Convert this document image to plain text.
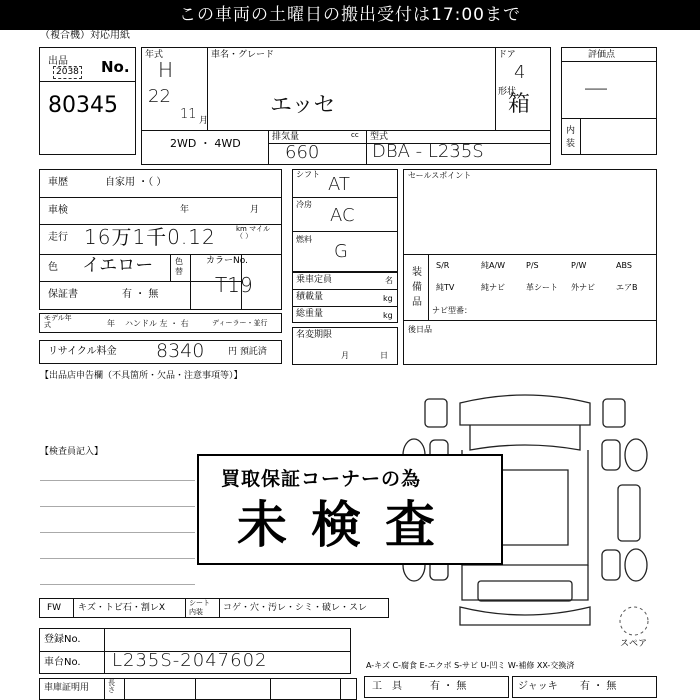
この車両の土曜日の搬出受付は17:00まで
（複合機）対応用紙
出品
2038 No.
80345
年式
H
22
11 月
車名・グレード
エッセ
ドア
4
形状
箱
2WD ・ 4WD	排気量	cc
660
型式
DBA - L235S
評価点
―
内装
車歴	自家用 ・（ ）
車検	年	月
走行 16万1千0.12	km マイル（ ）
色 イエロー	色替
カラーNo.
T19
保証書	有 ・ 無
モデル年式	年 ハンドル 左 ・ 右	ディーラー・並行
リサイクル料金 8340	円 預託済
【出品店申告欄（不具箇所・欠品・注意事項等）】
シフト AT
冷房
AC
燃料
G
乗車定員	名
積載量	kg
総重量	kg
名変期限
月	日
セールスポイント
装備品
S/R	純A/W	P/S	P/W	ABS
純TV	純ナビ	革シート 外ナビ	エアB
ナビ型番：
後日品
【検査員記入】
買取保証コーナーの為
未検査
スペア
FW キズ・トビ石・割レX	シート内装	コゲ・穴・汚レ・シミ・破レ・スレ
登録No.
車台No. L235S-2047602
車庫証明用	長さ
A-キズ C-腐食 E-エクボ S-サビ U-凹ミ W-補修 XX-交換済
工　具	有 ・ 無	ジャッキ 有 ・ 無
